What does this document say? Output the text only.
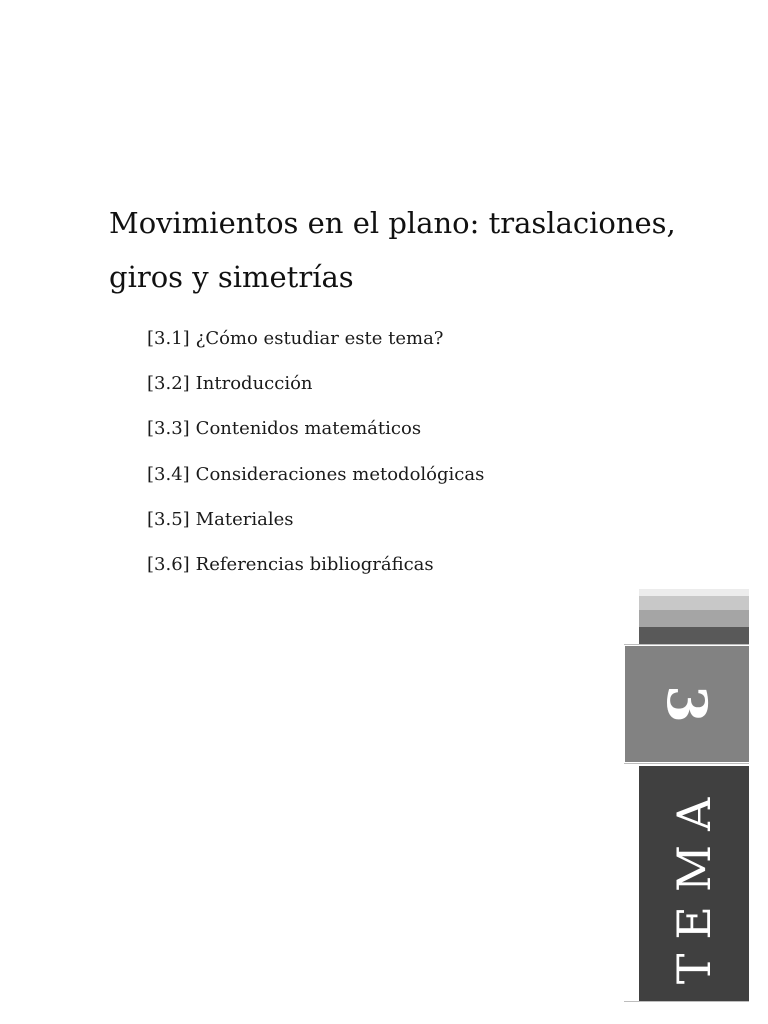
Movimientos en el plano: traslaciones, giros y simetrías
[3.1] ¿Cómo estudiar este tema?
[3.2] Introducción
[3.3] Contenidos matemáticos
[3.4] Consideraciones metodológicas
[3.5] Materiales
[3.6] Referencias bibliográficas
3
TEMA
